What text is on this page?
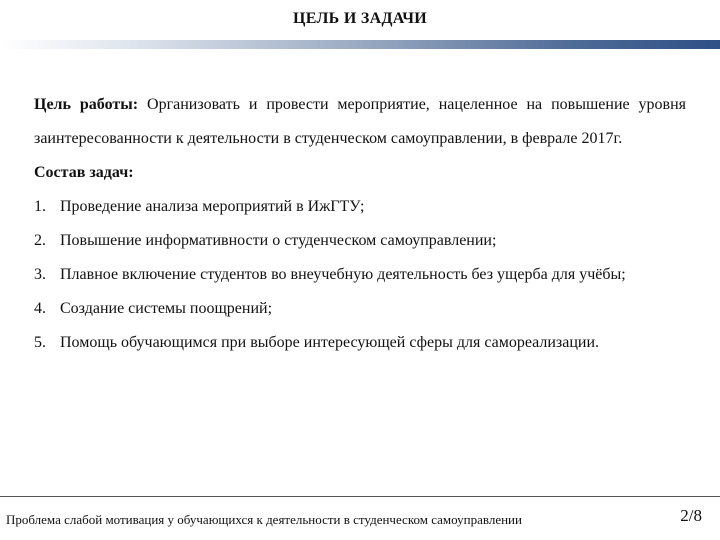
ЦЕЛЬ И ЗАДАЧИ
Цель работы: Организовать и провести мероприятие, нацеленное на повышение уровня заинтересованности к деятельности в студенческом самоуправлении, в феврале 2017г.
Состав задач:
1. Проведение анализа мероприятий в ИжГТУ;
2. Повышение информативности о студенческом самоуправлении;
3. Плавное включение студентов во внеучебную деятельность без ущерба для учёбы;
4. Создание системы поощрений;
5. Помощь обучающимся при выборе интересующей сферы для самореализации.
Проблема слабой мотивация у обучающихся к деятельности в студенческом самоуправлении	2/8
